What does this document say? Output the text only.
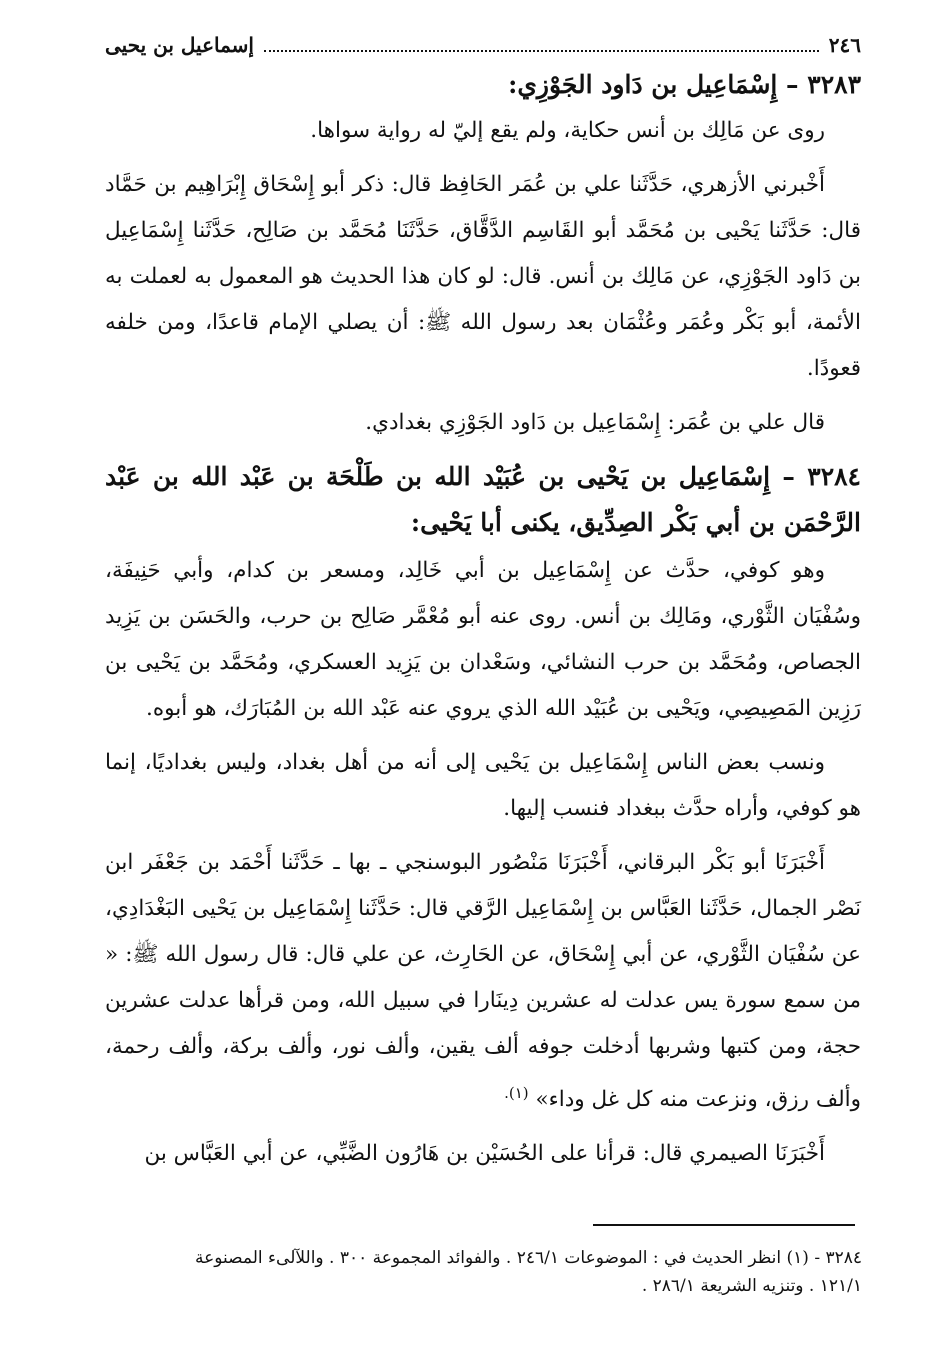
٢٤٦
إسماعيل بن يحيى

٣٢٨٣ – إِسْمَاعِيل بن دَاود الجَوْزِي:

روى عن مَالِك بن أنس حكاية، ولم يقع إليّ له رواية سواها.

أَخْبرني الأزهري، حَدَّثَنا علي بن عُمَر الحَافِظ قال: ذكر أبو إِسْحَاق إِبْرَاهِيم بن حَمَّاد قال: حَدَّثَنا يَحْيى بن مُحَمَّد أبو القَاسِم الدَّقَّاق، حَدَّثَنَا مُحَمَّد بن صَالِح، حَدَّثَنا إِسْمَاعِيل بن دَاود الجَوْزِي، عن مَالِك بن أنس. قال: لو كان هذا الحديث هو المعمول به لعملت به الأئمة، أبو بَكْر وعُمَر وعُثْمَان بعد رسول الله ﷺ: أن يصلي الإمام قاعدًا، ومن خلفه قعودًا.

قال علي بن عُمَر: إِسْمَاعِيل بن دَاود الجَوْزِي بغدادي.

٣٢٨٤ – إِسْمَاعِيل بن يَحْيى بن عُبَيْد الله بن طَلْحَة بن عَبْد الله بن عَبْد الرَّحْمَن بن أبي بَكْر الصِدِّيق، يكنى أبا يَحْيى:

وهو كوفي، حدَّث عن إِسْمَاعِيل بن أبي خَالِد، ومسعر بن كدام، وأبي حَنِيفَة، وسُفْيَان الثَّوْري، ومَالِك بن أنس. روى عنه أبو مُعْمَّر صَالِح بن حرب، والحَسَن بن يَزِيد الجصاص، ومُحَمَّد بن حرب النشائي، وسَعْدان بن يَزِيد العسكري، ومُحَمَّد بن يَحْيى بن رَزِين المَصِيصِي، ويَحْيى بن عُبَيْد الله الذي يروي عنه عَبْد الله بن المُبَارَك، هو أبوه.

ونسب بعض الناس إِسْمَاعِيل بن يَحْيى إلى أنه من أهل بغداد، وليس بغداديًا، إنما هو كوفي، وأراه حدَّث ببغداد فنسب إليها.

أَخْبَرَنَا أبو بَكْر البرقاني، أَخْبَرَنَا مَنْصُور البوسنجي ـ بها ـ حَدَّثَنا أَحْمَد بن جَعْفَر ابن نَصْر الجمال، حَدَّثَنا العَبَّاس بن إِسْمَاعِيل الرَّقي قال: حَدَّثَنا إِسْمَاعِيل بن يَحْيى البَغْدَادِي، عن سُفْيَان الثَّوْري، عن أبي إِسْحَاق، عن الحَارِث، عن علي قال: قال رسول الله ﷺ: « من سمع سورة يس عدلت له عشرين دِينَارا في سبيل الله، ومن قرأها عدلت عشرين حجة، ومن كتبها وشربها أدخلت جوفه ألف يقين، وألف نور، وألف بركة، وألف رحمة، وألف رزق، ونزعت منه كل غل وداء» $^{(١).}$

أَخْبَرَنَا الصيمري قال: قرأنا على الحُسَيْن بن هَارُون الضَّبِّي، عن أبي العَبَّاس بن

٣٢٨٤ - (١) انظر الحديث في : الموضوعات ٢٤٦/١ . والفوائد المجموعة ٣٠٠ . واللآلىء المصنوعة
١٢١/١ . وتنزيه الشريعة ٢٨٦/١ .
